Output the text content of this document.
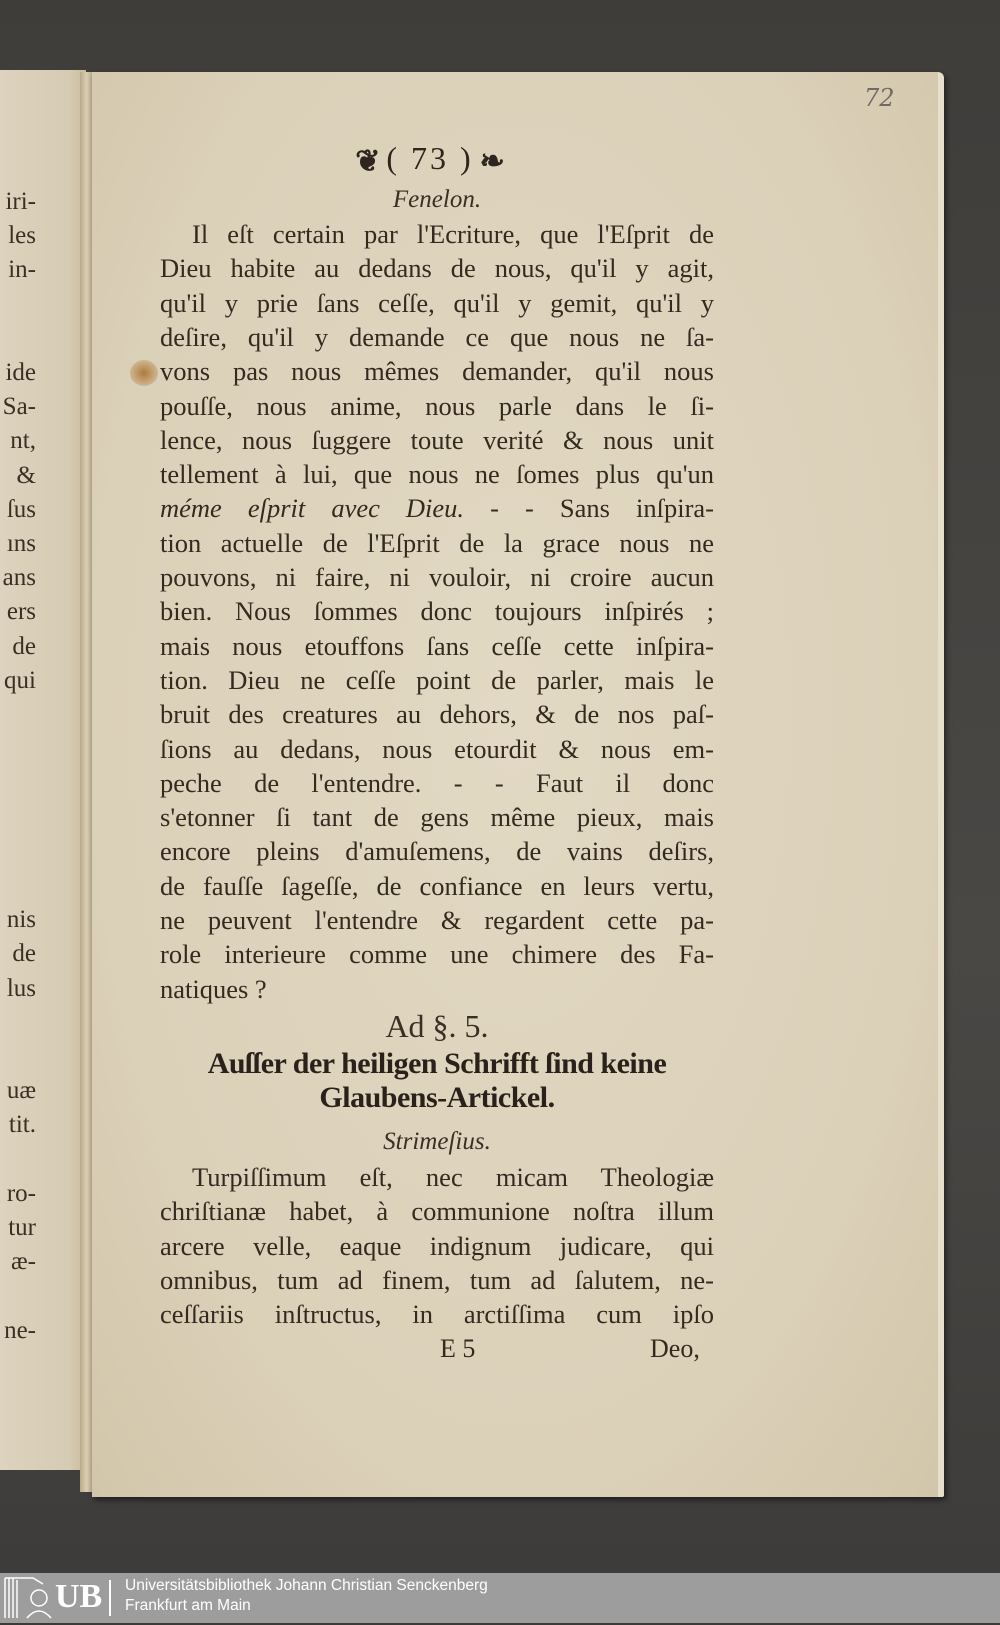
72
❦ ( 73 ) ❧
Fenelon.
Il eſt certain par l'Ecriture, que l'Eſprit de
Dieu habite au dedans de nous, qu'il y agit,
qu'il y prie ſans ceſſe, qu'il y gemit, qu'il y
deſire, qu'il y demande ce que nous ne ſa-
vons pas nous mêmes demander, qu'il nous
pouſſe, nous anime, nous parle dans le ſi-
lence, nous ſuggere toute verité & nous unit
tellement à lui, que nous ne ſomes plus qu'un
méme eſprit avec Dieu. - - Sans inſpira-
tion actuelle de l'Eſprit de la grace nous ne
pouvons, ni faire, ni vouloir, ni croire aucun
bien. Nous ſommes donc toujours inſpirés ;
mais nous etouffons ſans ceſſe cette inſpira-
tion. Dieu ne ceſſe point de parler, mais le
bruit des creatures au dehors, & de nos paſ-
ſions au dedans, nous etourdit & nous em-
peche de l'entendre. - - Faut il donc
s'etonner ſi tant de gens même pieux, mais
encore pleins d'amuſemens, de vains deſirs,
de fauſſe ſageſſe, de confiance en leurs vertu,
ne peuvent l'entendre & regardent cette pa-
role interieure comme une chimere des Fa-
natiques ?
Ad §. 5.
Auſſer der heiligen Schrifft ſind keine
Glaubens-Artickel.
Strimeſius.
Turpiſſimum eſt, nec micam Theologiæ
chriſtianæ habet, à communione noſtra illum
arcere velle, eaque indignum judicare, qui
omnibus, tum ad finem, tum ad ſalutem, ne-
ceſſariis inſtructus, in arctiſſima cum ipſo
E 5	Deo,
iri-
les
in-
ide
Sa-
nt,
&
ſus
ıns
ans
ers
de
qui
nis
de
lus
uæ
tit.
ro-
tur
æ-
ne-
UB Universitätsbibliothek Johann Christian Senckenberg
Frankfurt am Main
